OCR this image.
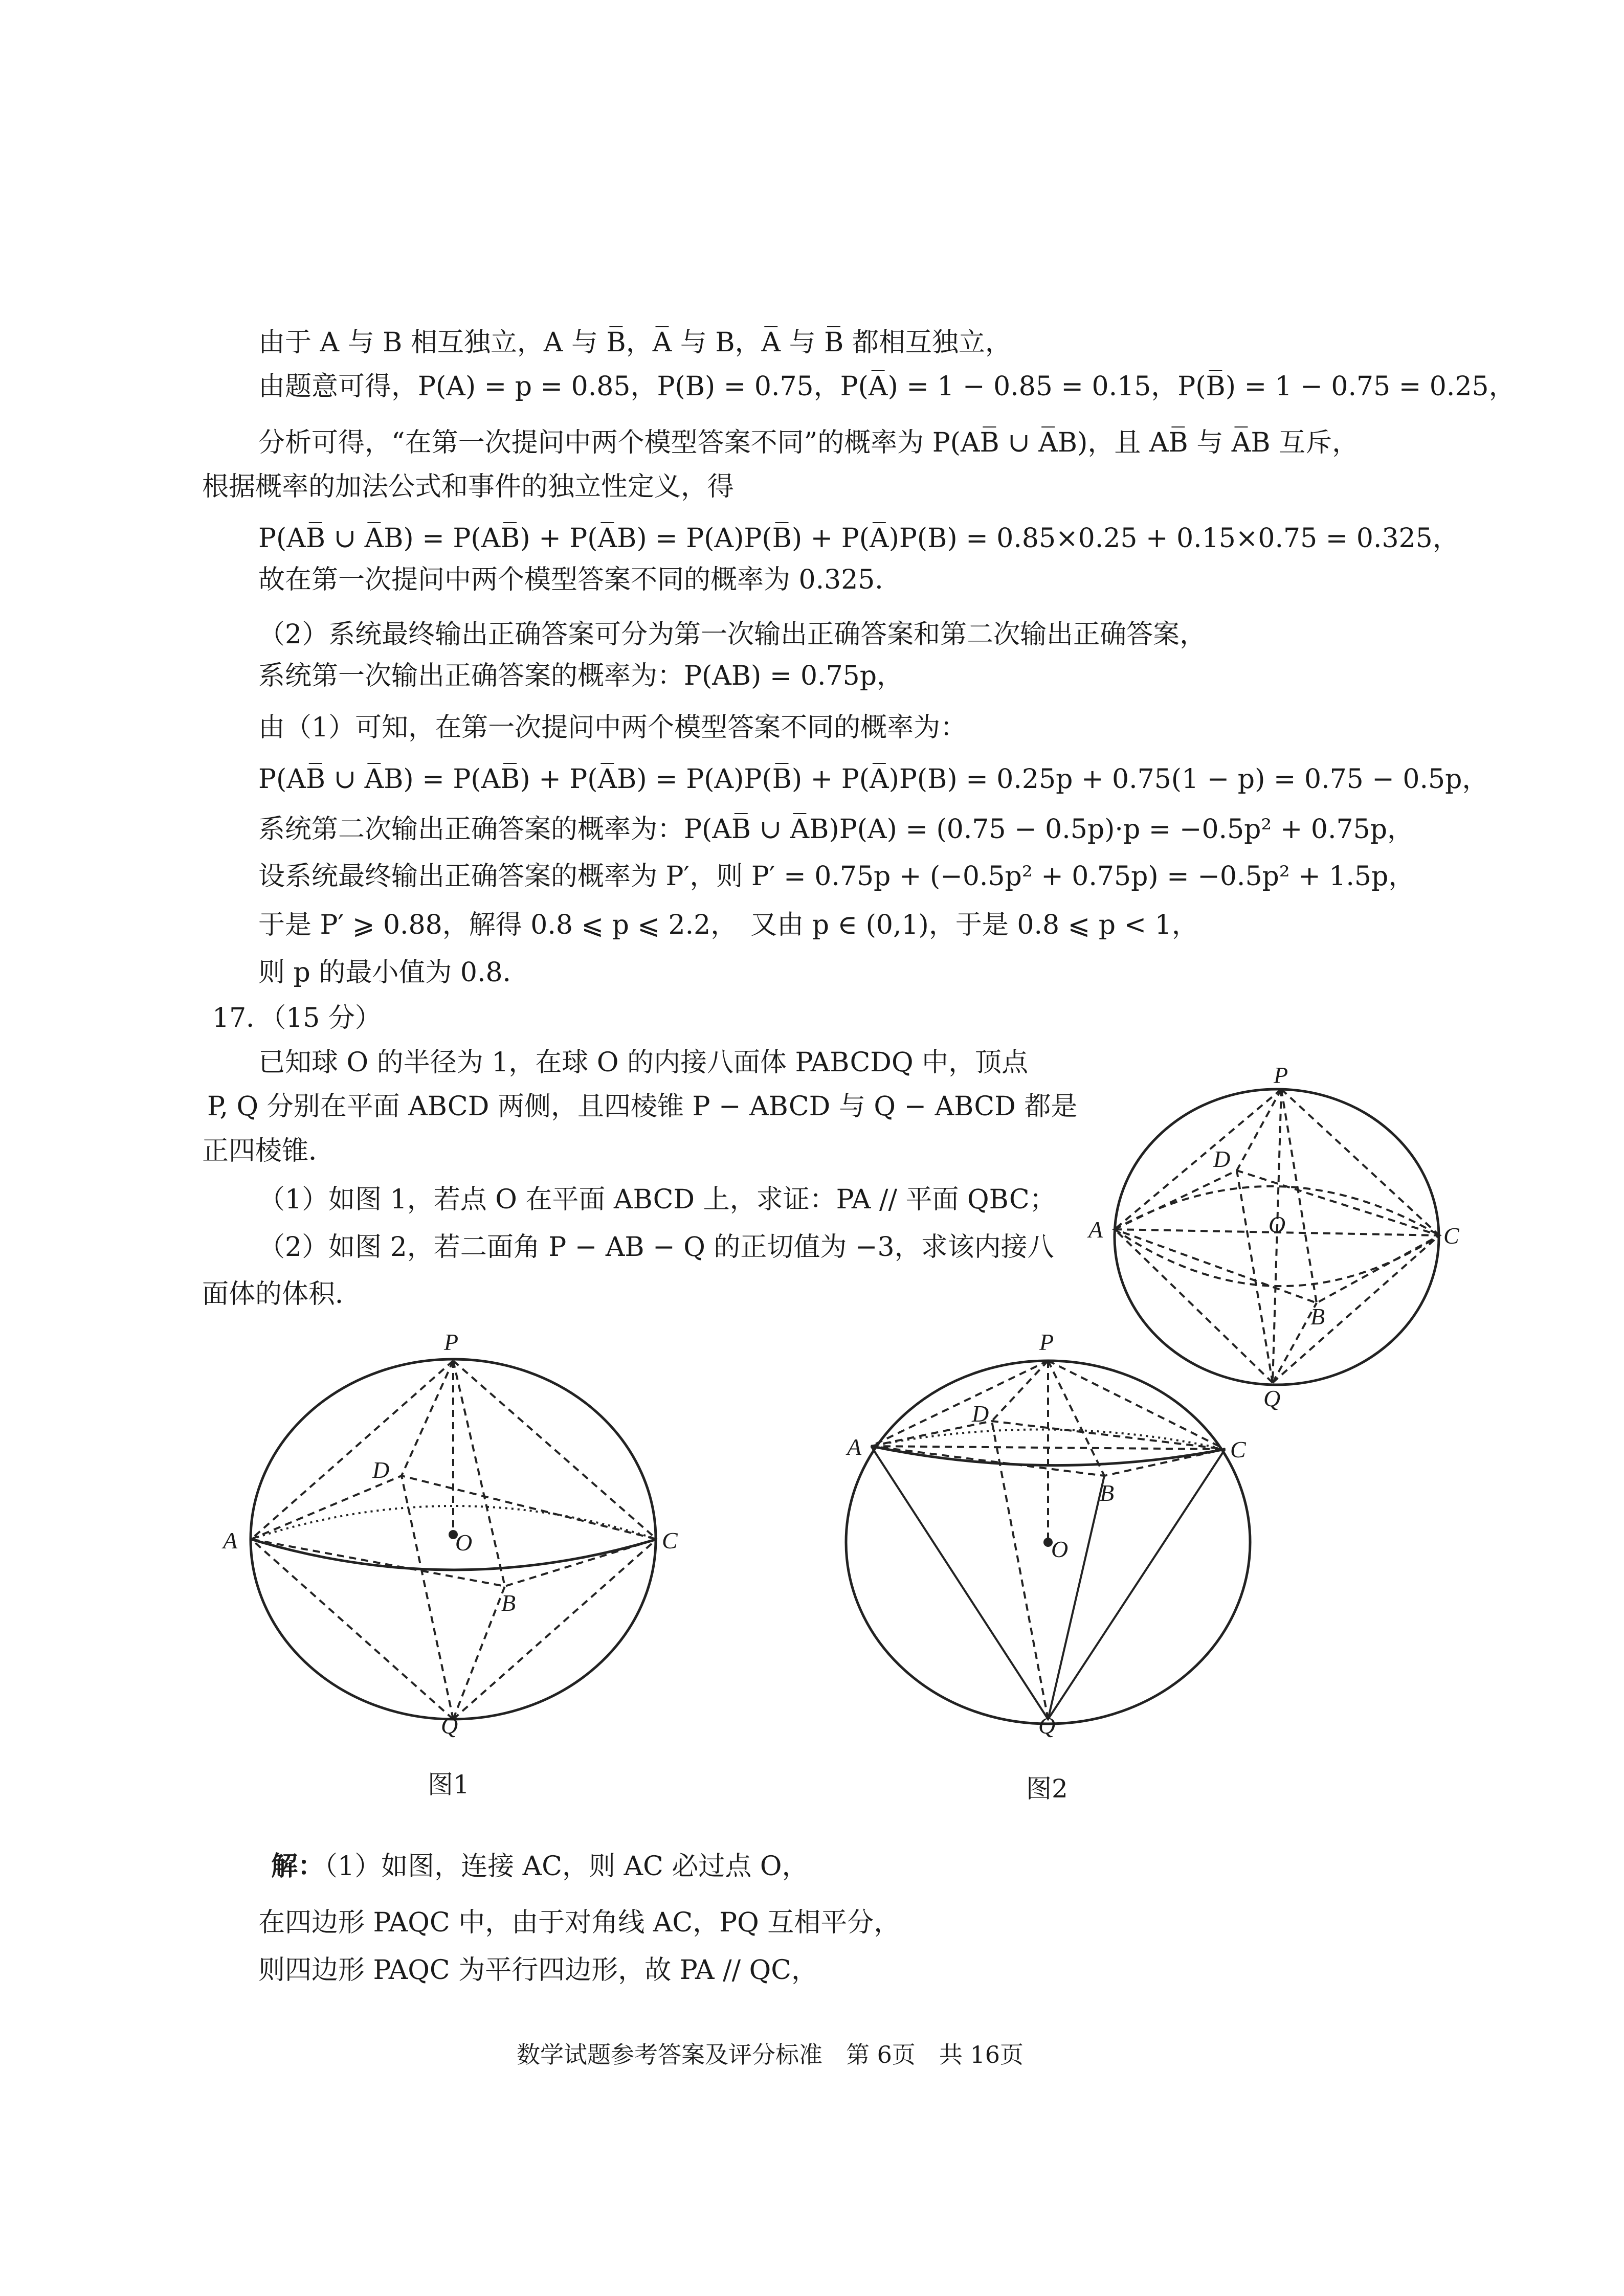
由于 A 与 B 相互独立，A 与 B̅，A̅ 与 B，A̅ 与 B̅ 都相互独立，
由题意可得，P(A) = p = 0.85，P(B) = 0.75，P(A̅) = 1 − 0.85 = 0.15，P(B̅) = 1 − 0.75 = 0.25，
分析可得，“在第一次提问中两个模型答案不同”的概率为 P(AB̅ ∪ A̅B)，且 AB̅ 与 A̅B 互斥，
根据概率的加法公式和事件的独立性定义，得
P(AB̅ ∪ A̅B) = P(AB̅) + P(A̅B) = P(A)P(B̅) + P(A̅)P(B) = 0.85×0.25 + 0.15×0.75 = 0.325，
故在第一次提问中两个模型答案不同的概率为 0.325．
（2）系统最终输出正确答案可分为第一次输出正确答案和第二次输出正确答案，
系统第一次输出正确答案的概率为：P(AB) = 0.75p，
由（1）可知，在第一次提问中两个模型答案不同的概率为：
P(AB̅ ∪ A̅B) = P(AB̅) + P(A̅B) = P(A)P(B̅) + P(A̅)P(B) = 0.25p + 0.75(1 − p) = 0.75 − 0.5p，
系统第二次输出正确答案的概率为：P(AB̅ ∪ A̅B)P(A) = (0.75 − 0.5p)·p = −0.5p² + 0.75p，
设系统最终输出正确答案的概率为 P′，则 P′ = 0.75p + (−0.5p² + 0.75p) = −0.5p² + 1.5p，
于是 P′ ⩾ 0.88，解得 0.8 ⩽ p ⩽ 2.2，　又由 p ∈ (0,1)，于是 0.8 ⩽ p < 1，
则 p 的最小值为 0.8．
17．（15 分）
已知球 O 的半径为 1，在球 O 的内接八面体 PABCDQ 中，顶点
P, Q 分别在平面 ABCD 两侧，且四棱锥 P − ABCD 与 Q − ABCD 都是
正四棱锥．
（1）如图 1，若点 O 在平面 ABCD 上，求证：PA // 平面 QBC；
（2）如图 2，若二面角 P − AB − Q 的正切值为 −3，求该内接八
面体的体积．
P
Q
A	C
D
B
O
P
Q
A	C
D
B
O
P
Q
A	C
D
B
O
图1	图2
解：（1）如图，连接 AC，则 AC 必过点 O，
在四边形 PAQC 中，由于对角线 AC，PQ 互相平分，
则四边形 PAQC 为平行四边形，故 PA // QC，
数学试题参考答案及评分标准　第 6页　共 16页
